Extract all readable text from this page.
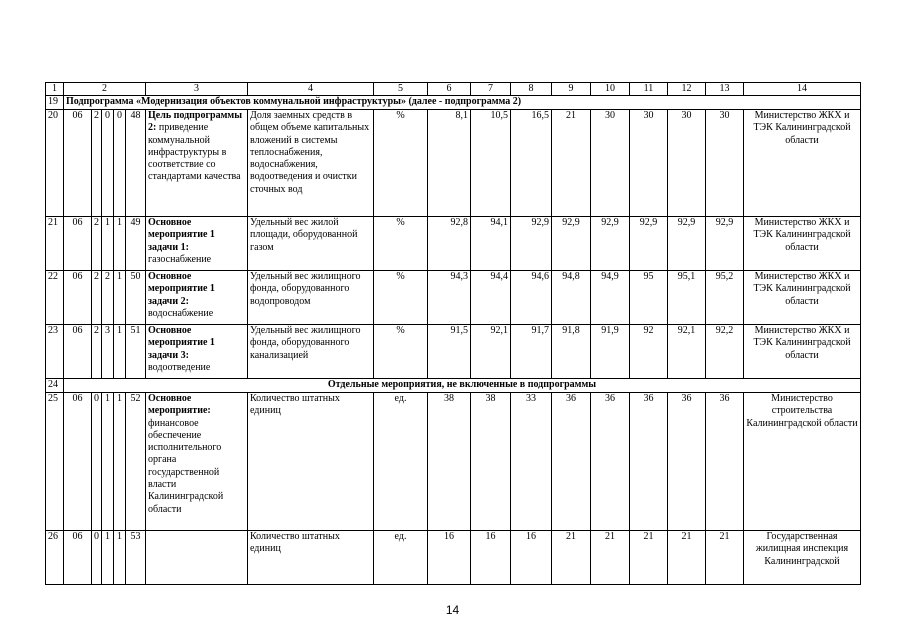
1	2					3	4	5	6	7	8	9	10	11	12	13	14
19	Подпрограмма «Модернизация объектов коммунальной инфраструктуры» (далее - подпрограмма 2)																
20	06	2	0	0	48	Цель подпрограммы 2: приведение коммунальной инфраструктуры в соответствие со стандартами качества	Доля заемных средств в общем объеме капитальных вложений в системы теплоснабжения, водоснабжения, водоотведения и очистки сточных вод	%	8,1	10,5	16,5	21	30	30	30	30	Министерство ЖКХ и ТЭК Калининградской области
21	06	2	1	1	49	Основное мероприятие 1 задачи 1: газоснабжение	Удельный вес жилой площади, оборудованной газом	%	92,8	94,1	92,9	92,9	92,9	92,9	92,9	92,9	Министерство ЖКХ и ТЭК Калининградской области
22	06	2	2	1	50	Основное мероприятие 1 задачи 2: водоснабжение	Удельный вес жилищного фонда, оборудованного водопроводом	%	94,3	94,4	94,6	94,8	94,9	95	95,1	95,2	Министерство ЖКХ и ТЭК Калининградской области
23	06	2	3	1	51	Основное мероприятие 1 задачи 3: водоотведение	Удельный вес жилищного фонда, оборудованного канализацией	%	91,5	92,1	91,7	91,8	91,9	92	92,1	92,2	Министерство ЖКХ и ТЭК Калининградской области
24	Отдельные мероприятия, не включенные в подпрограммы																
25	06	0	1	1	52	Основное мероприятие: финансовое обеспечение исполнительного органа государственной власти Калининградской области	Количество штатных единиц	ед.	38	38	33	36	36	36	36	36	Министерство строительства Калининградской области
26	06	0	1	1	53		Количество штатных единиц	ед.	16	16	16	21	21	21	21	21	Государственная жилищная инспекция Калининградской
14
